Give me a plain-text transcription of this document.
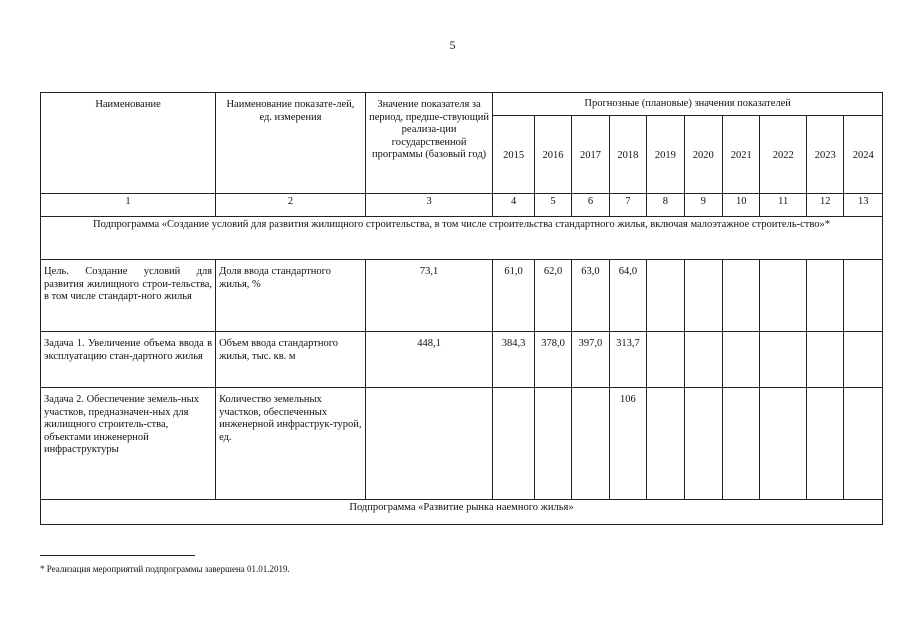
5
Наименование	Наименование показате-лей, ед. измерения	Значение показателя за период, предше-ствующий реализа-ции государственной программы (базовый год)	Прогнозные (плановые) значения показателей									
			2015	2016	2017	2018	2019	2020	2021	2022	2023	2024
1	2	3	4	5	6	7	8	9	10	11	12	13
Подпрограмма «Создание условий для развития жилищного строительства, в том числе строительства стандартного жилья, включая малоэтажное строитель-ство»*												
Цель. Создание условий для развития жилищного строи-тельства, в том числе стандарт-ного жилья	Доля ввода стандартного жилья, %	73,1	61,0	62,0	63,0	64,0						
Задача 1. Увеличение объема ввода в эксплуатацию стан-дартного жилья	Объем ввода стандартного жилья, тыс. кв. м	448,1	384,3	378,0	397,0	313,7						
Задача 2. Обеспечение земель-ных участков, предназначен-ных для жилищного строитель-ства, объектами инженерной инфраструктуры	Количество земельных участков, обеспеченных инженерной инфраструк-турой, ед.					106						
Подпрограмма «Развитие рынка наемного жилья»												
* Реализация мероприятий подпрограммы завершена 01.01.2019.
